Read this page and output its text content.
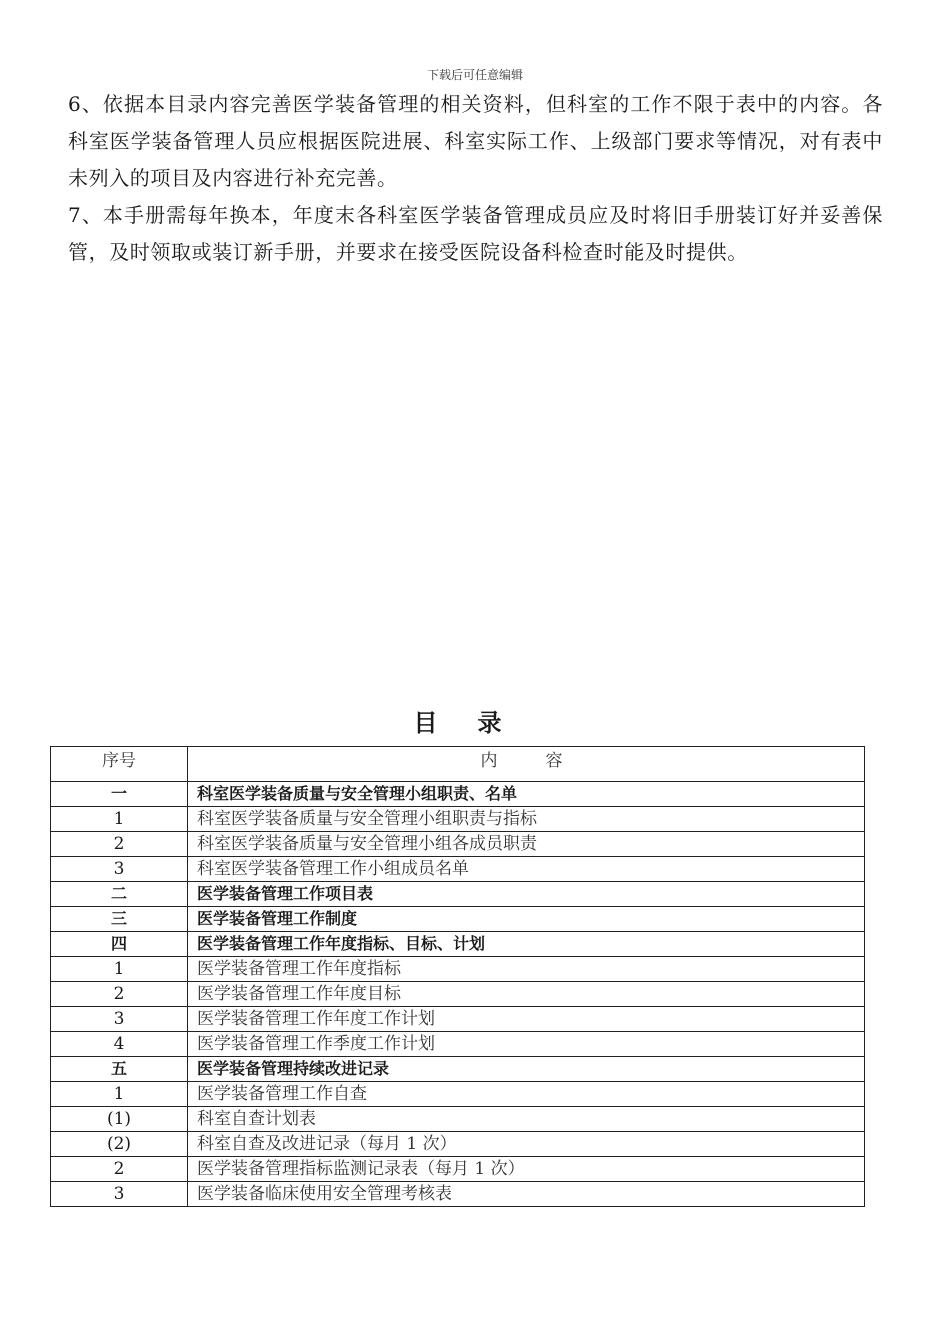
下载后可任意编辑

6、依据本目录内容完善医学装备管理的相关资料，但科室的工作不限于表中的内容。各科室医学装备管理人员应根据医院进展、科室实际工作、上级部门要求等情况，对有表中未列入的项目及内容进行补充完善。

7、本手册需每年换本，年度末各科室医学装备管理成员应及时将旧手册装订好并妥善保管，及时领取或装订新手册，并要求在接受医院设备科检查时能及时提供。

目录
序号	内容
一	科室医学装备质量与安全管理小组职责、名单
1	科室医学装备质量与安全管理小组职责与指标
2	科室医学装备质量与安全管理小组各成员职责
3	科室医学装备管理工作小组成员名单
二	医学装备管理工作项目表
三	医学装备管理工作制度
四	医学装备管理工作年度指标、目标、计划
1	医学装备管理工作年度指标
2	医学装备管理工作年度目标
3	医学装备管理工作年度工作计划
4	医学装备管理工作季度工作计划
五	医学装备管理持续改进记录
1	医学装备管理工作自查
(1)	科室自查计划表
(2)	科室自查及改进记录（每月 1 次）
2	医学装备管理指标监测记录表（每月 1 次）
3	医学装备临床使用安全管理考核表
